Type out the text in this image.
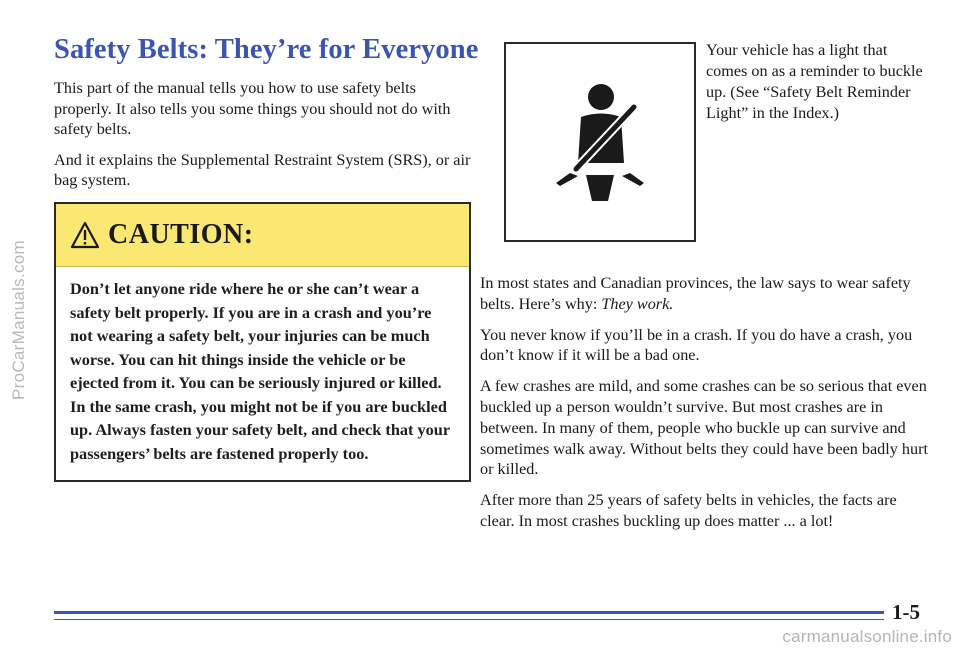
ProCarManuals.com
Safety Belts: They’re for Everyone

This part of the manual tells you how to use safety belts properly. It also tells you some things you should not do with safety belts.

And it explains the Supplemental Restraint System (SRS), or air bag system.

CAUTION:
Don’t let anyone ride where he or she can’t wear a safety belt properly. If you are in a crash and you’re not wearing a safety belt, your injuries can be much worse. You can hit things inside the vehicle or be ejected from it. You can be seriously injured or killed. In the same crash, you might not be if you are buckled up. Always fasten your safety belt, and check that your passengers’ belts are fastened properly too.

Your vehicle has a light that comes on as a reminder to buckle up. (See “Safety Belt Reminder Light” in the Index.)

In most states and Canadian provinces, the law says to wear safety belts. Here’s why: They work.

You never know if you’ll be in a crash. If you do have a crash, you don’t know if it will be a bad one.

A few crashes are mild, and some crashes can be so serious that even buckled up a person wouldn’t survive. But most crashes are in between. In many of them, people who buckle up can survive and sometimes walk away. Without belts they could have been badly hurt or killed.

After more than 25 years of safety belts in vehicles, the facts are clear. In most crashes buckling up does matter ... a lot!

1-5
carmanualsonline.info
